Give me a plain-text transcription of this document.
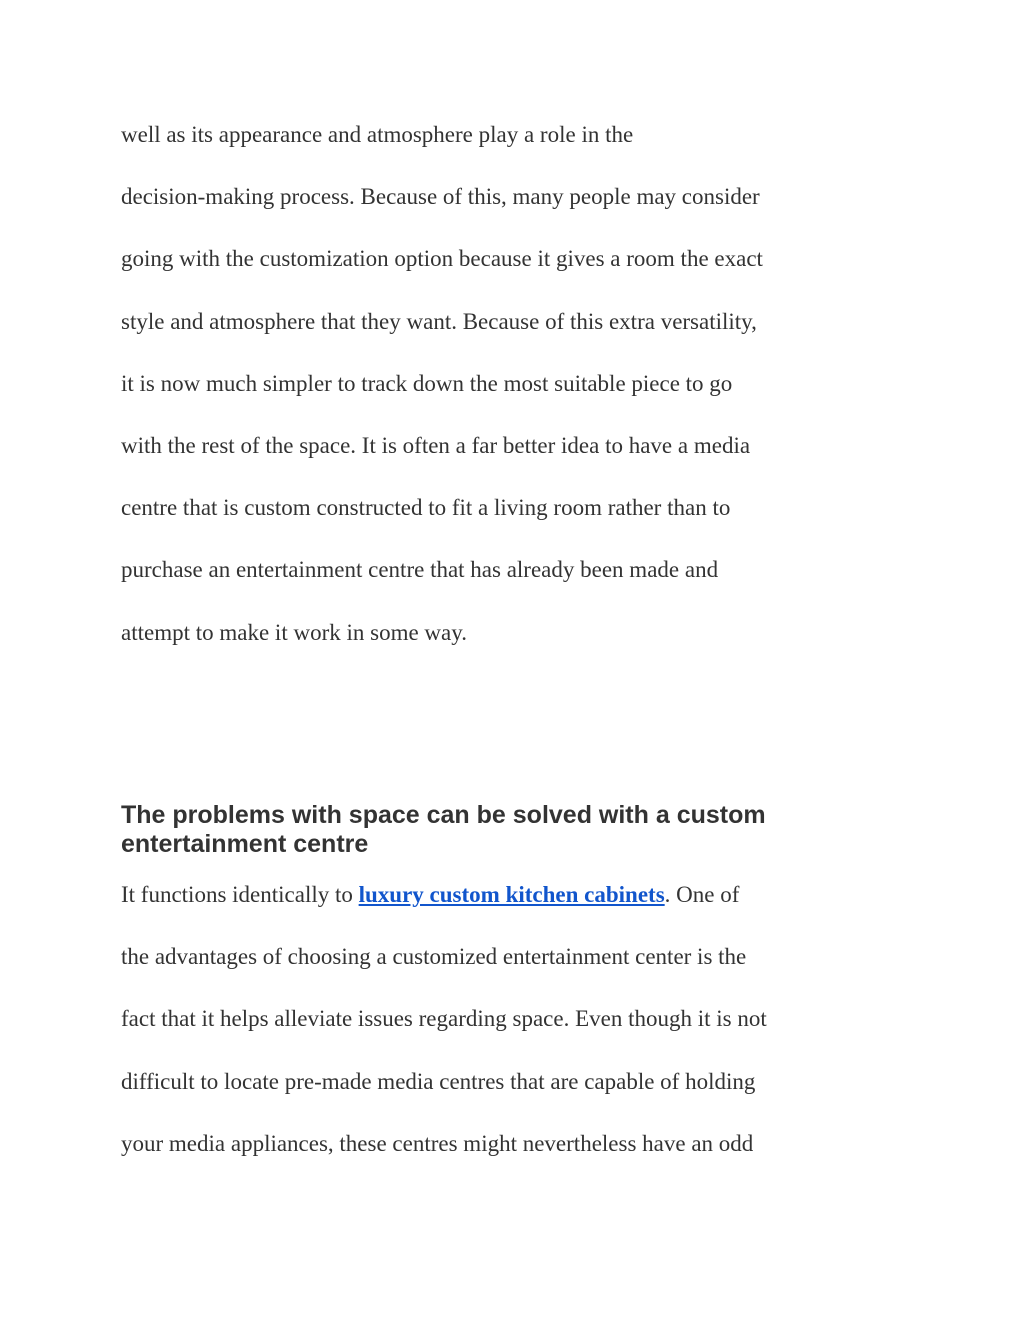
well as its appearance and atmosphere play a role in the
decision-making process. Because of this, many people may consider
going with the customization option because it gives a room the exact
style and atmosphere that they want. Because of this extra versatility,
it is now much simpler to track down the most suitable piece to go
with the rest of the space. It is often a far better idea to have a media
centre that is custom constructed to fit a living room rather than to
purchase an entertainment centre that has already been made and
attempt to make it work in some way.
The problems with space can be solved with a custom
entertainment centre
It functions identically to luxury custom kitchen cabinets. One of
the advantages of choosing a customized entertainment center is the
fact that it helps alleviate issues regarding space. Even though it is not
difficult to locate pre-made media centres that are capable of holding
your media appliances, these centres might nevertheless have an odd
